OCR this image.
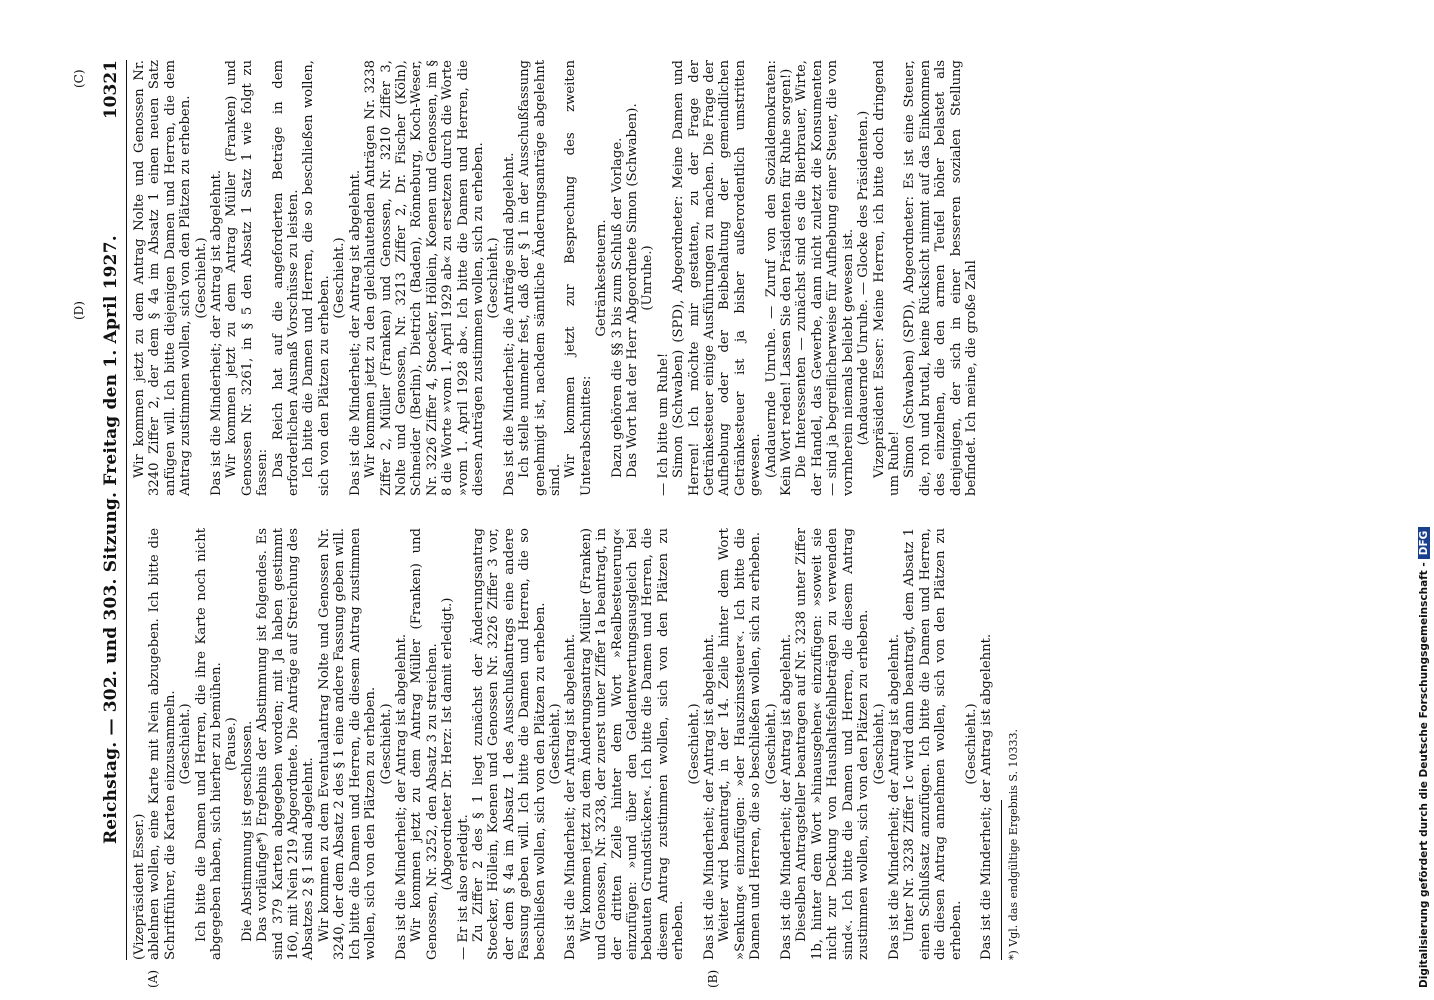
Reichstag. — 302. und 303. Sitzung. Freitag den 1. April 1927.
10321
(A)	(B)
(C)
(D)

(Vizepräsident Esser.) ablehnen wollen, eine Karte mit Nein abzugeben. Ich bitte die Schriftführer, die Karten einzusammeln. (Geschieht.) Ich bitte die Damen und Herren, die ihre Karte noch nicht abgegeben haben, sich hierher zu bemühen. (Pause.) Die Abstimmung ist geschlossen. Das vorläufige*) Ergebnis der Abstimmung ist folgendes. Es sind 379 Karten abgegeben worden; mit Ja haben gestimmt 160, mit Nein 219 Abgeordnete. Die Anträge auf Streichung des Absatzes 2 § 1 sind abgelehnt. Wir kommen zu dem Eventualantrag Nolte und Genossen Nr. 3240, der dem Absatz 2 des § 1 eine andere Fassung geben will. Ich bitte die Damen und Herren, die diesem Antrag zustimmen wollen, sich von den Plätzen zu erheben. (Geschieht.) Das ist die Minderheit; der Antrag ist abgelehnt. Wir kommen jetzt zu dem Antrag Müller (Franken) und Genossen, Nr. 3252, den Absatz 3 zu streichen. (Abgeordneter Dr. Herz: Ist damit erledigt.) — Er ist also erledigt. Zu Ziffer 2 des § 1 liegt zunächst der Änderungsantrag Stoecker, Höllein, Koenen und Genossen Nr. 3226 Ziffer 3 vor, der dem § 4a im Absatz 1 des Ausschußantrags eine andere Fassung geben will. Ich bitte die Damen und Herren, die so beschließen wollen, sich von den Plätzen zu erheben. (Geschieht.) Das ist die Minderheit; der Antrag ist abgelehnt. Wir kommen jetzt zu dem Änderungsantrag Müller (Franken) und Genossen, Nr. 3238, der zuerst unter Ziffer 1a beantragt, in der dritten Zeile hinter dem Wort »Realbesteuerung« einzufügen: »und über den Geldentwertungsausgleich bei bebauten Grundstücken«. Ich bitte die Damen und Herren, die diesem Antrag zustimmen wollen, sich von den Plätzen zu erheben.

(Geschieht.) Das ist die Minderheit; der Antrag ist abgelehnt. Weiter wird beantragt, in der 14. Zeile hinter dem Wort »Senkung« einzufügen: »der Hauszinssteuer«. Ich bitte die Damen und Herren, die so beschließen wollen, sich zu erheben. (Geschieht.) Das ist die Minderheit; der Antrag ist abgelehnt. Dieselben Antragsteller beantragen auf Nr. 3238 unter Ziffer 1b, hinter dem Wort »hinausgehen« einzufügen: »soweit sie nicht zur Deckung von Haushaltsfehlbeträgen zu verwenden sind«. Ich bitte die Damen und Herren, die diesem Antrag zustimmen wollen, sich von den Plätzen zu erheben. (Geschieht.) Das ist die Minderheit; der Antrag ist abgelehnt. Unter Nr. 3238 Ziffer 1c wird dann beantragt, dem Absatz 1 einen Schlußsatz anzufügen. Ich bitte die Damen und Herren, die diesen Antrag annehmen wollen, sich von den Plätzen zu erheben.

(Geschieht.) Das ist die Minderheit; der Antrag ist abgelehnt. *) Vgl. das endgültige Ergebnis S. 10333.

Wir kommen jetzt zu dem Antrag Nolte und Genossen Nr. 3240 Ziffer 2, der dem § 4a im Absatz 1 einen neuen Satz anfügen will. Ich bitte diejenigen Damen und Herren, die dem Antrag zustimmen wollen, sich von den Plätzen zu erheben. (Geschieht.) Das ist die Minderheit; der Antrag ist abgelehnt. Wir kommen jetzt zu dem Antrag Müller (Franken) und Genossen Nr. 3261, in § 5 den Absatz 1 Satz 1 wie folgt zu fassen: Das Reich hat auf die angeforderten Beträge in dem erforderlichen Ausmaß Vorschüsse zu leisten. Ich bitte die Damen und Herren, die so beschließen wollen, sich von den Plätzen zu erheben. (Geschieht.) Das ist die Minderheit; der Antrag ist abgelehnt. Wir kommen jetzt zu den gleichlautenden Anträgen Nr. 3238 Ziffer 2, Müller (Franken) und Genossen, Nr. 3210 Ziffer 3, Nolte und Genossen, Nr. 3213 Ziffer 2, Dr. Fischer (Köln), Schneider (Berlin), Dietrich (Baden), Rönneburg, Koch-Weser, Nr. 3226 Ziffer 4, Stoecker, Höllein, Koenen und Genossen, im § 8 die Worte »vom 1. April 1929 ab« zu ersetzen durch die Worte »vom 1. April 1928 ab«. Ich bitte die Damen und Herren, die diesen Anträgen zustimmen wollen, sich zu erheben. (Geschieht.) Das ist die Minderheit; die Anträge sind abgelehnt. Ich stelle nunmehr fest, daß der § 1 in der Ausschußfassung genehmigt ist, nachdem sämtliche Änderungsanträge abgelehnt sind.

Wir kommen jetzt zur Besprechung des zweiten Unterabschnittes:

Getränkesteuern. Dazu gehören die §§ 3 bis zum Schluß der Vorlage. Das Wort hat der Herr Abgeordnete Simon (Schwaben). (Unruhe.)

— Ich bitte um Ruhe! Simon (Schwaben) (SPD), Abgeordneter: Meine Damen und Herren! Ich möchte mir gestatten, zu der Frage der Getränkesteuer einige Ausführungen zu machen. Die Frage der Aufhebung oder der Beibehaltung der gemeindlichen Getränkesteuer ist ja bisher außerordentlich umstritten gewesen. (Andauernde Unruhe. — Zuruf von den Sozialdemokraten: Kein Wort reden! Lassen Sie den Präsidenten für Ruhe sorgen!) Die Interessenten — zunächst sind es die Bierbrauer, Wirte, der Handel, das Gewerbe, dann nicht zuletzt die Konsumenten — sind ja begreiflicherweise für Aufhebung einer Steuer, die von vornherein niemals beliebt gewesen ist. (Andauernde Unruhe. — Glocke des Präsidenten.) Vizepräsident Esser: Meine Herren, ich bitte doch dringend um Ruhe! Simon (Schwaben) (SPD), Abgeordneter: Es ist eine Steuer, die, roh und brutal, keine Rücksicht nimmt auf das Einkommen des einzelnen, die den armen Teufel höher belastet als denjenigen, der sich in einer besseren sozialen Stellung befindet. Ich meine, die große Zahl

Digitalisierung gefördert durch die Deutsche Forschungsgemeinschaft -DFG
